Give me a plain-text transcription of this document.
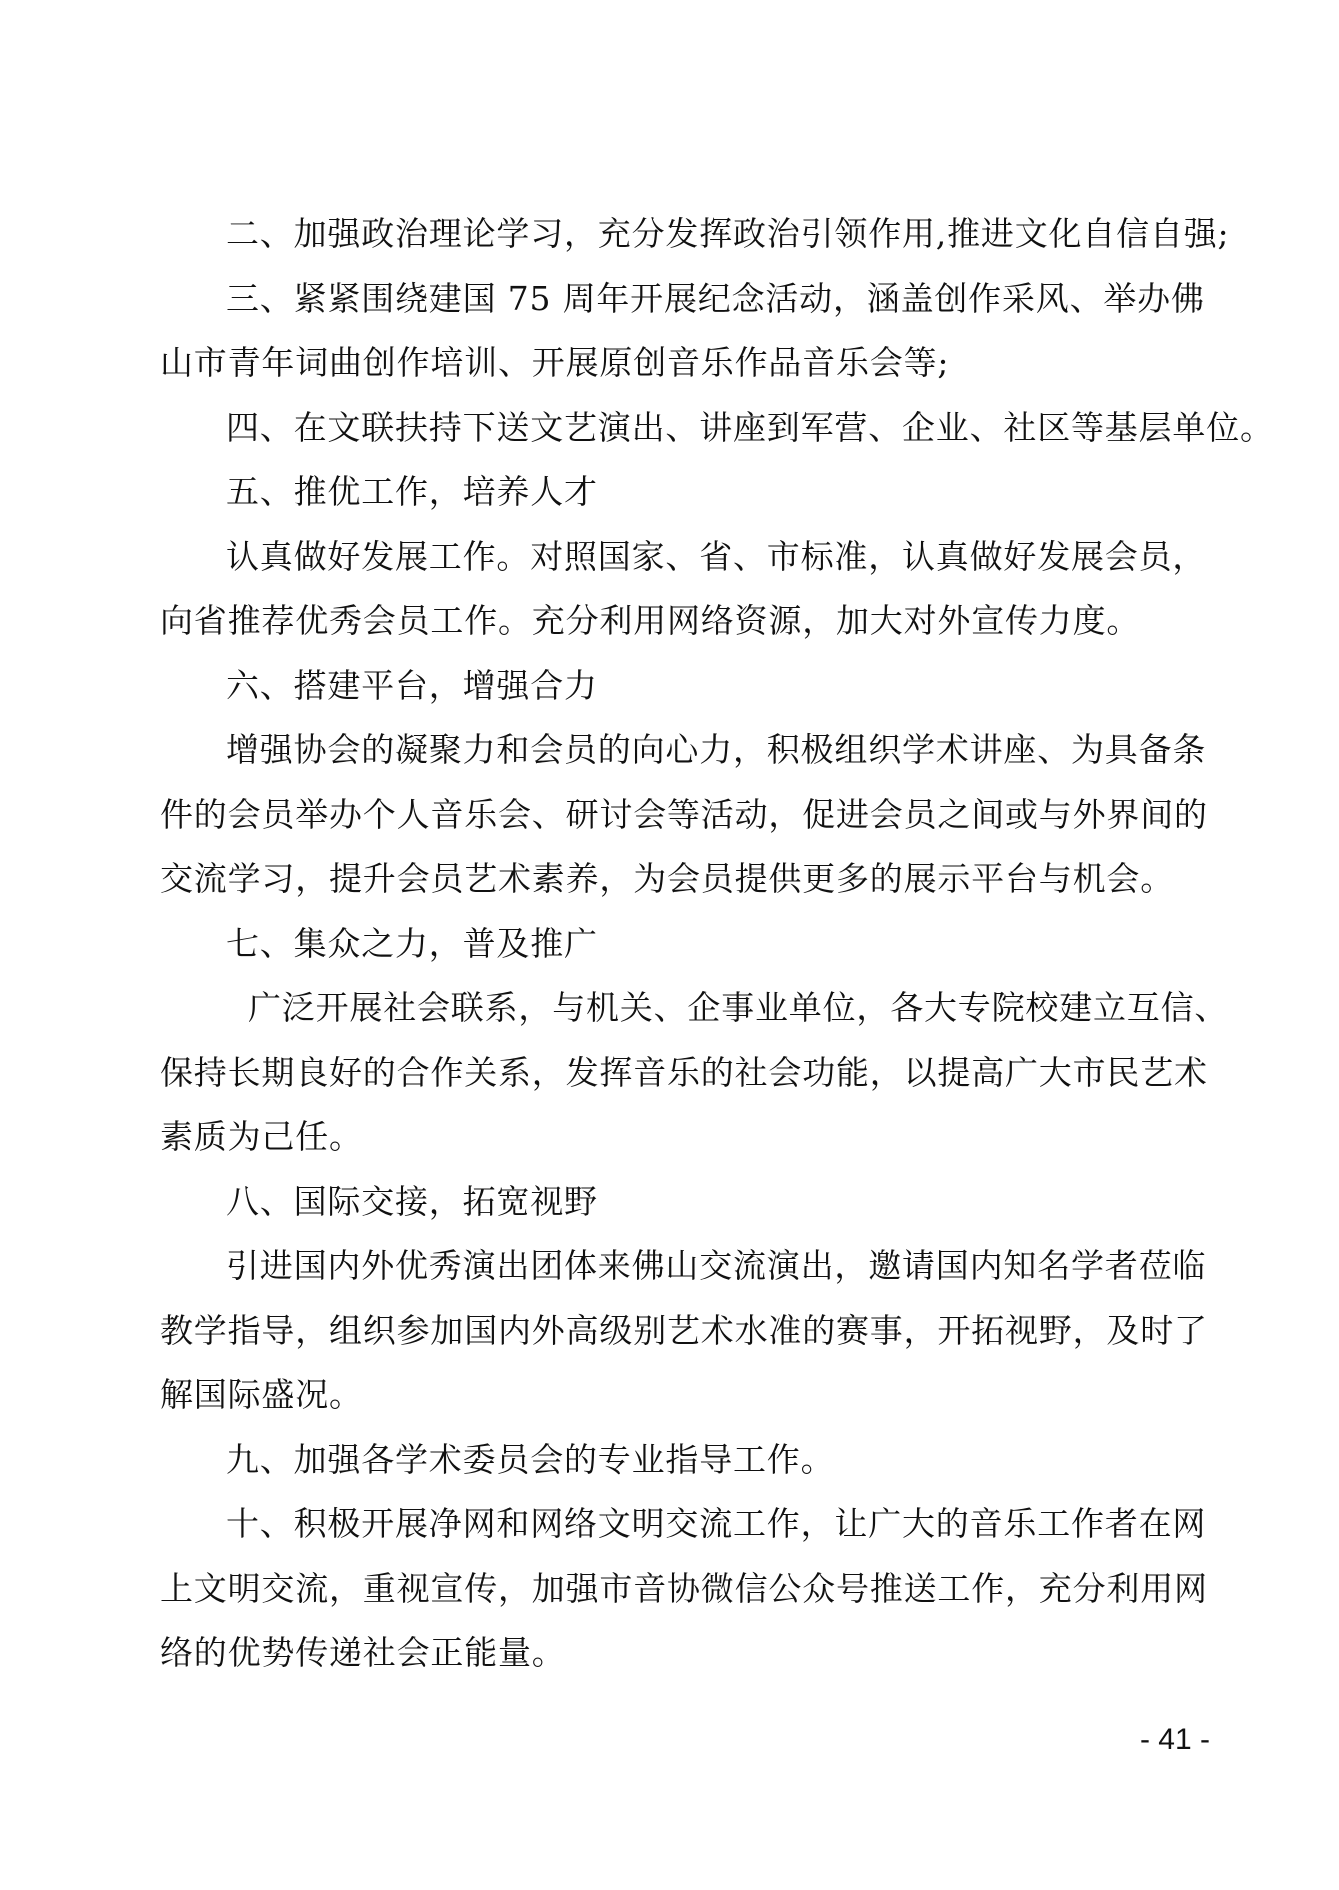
二、加强政治理论学习，充分发挥政治引领作用,推进文化自信自强;
三、紧紧围绕建国 75 周年开展纪念活动，涵盖创作采风、举办佛
山市青年词曲创作培训、开展原创音乐作品音乐会等;
四、在文联扶持下送文艺演出、讲座到军营、企业、社区等基层单位。
五、推优工作，培养人才
认真做好发展工作。对照国家、省、市标准，认真做好发展会员，
向省推荐优秀会员工作。充分利用网络资源，加大对外宣传力度。
六、搭建平台，增强合力
增强协会的凝聚力和会员的向心力，积极组织学术讲座、为具备条
件的会员举办个人音乐会、研讨会等活动，促进会员之间或与外界间的
交流学习，提升会员艺术素养，为会员提供更多的展示平台与机会。
七、集众之力，普及推广
广泛开展社会联系，与机关、企事业单位，各大专院校建立互信、
保持长期良好的合作关系，发挥音乐的社会功能，以提高广大市民艺术
素质为己任。
八、国际交接，拓宽视野
引进国内外优秀演出团体来佛山交流演出，邀请国内知名学者莅临
教学指导，组织参加国内外高级别艺术水准的赛事，开拓视野，及时了
解国际盛况。
九、加强各学术委员会的专业指导工作。
十、积极开展净网和网络文明交流工作，让广大的音乐工作者在网
上文明交流，重视宣传，加强市音协微信公众号推送工作，充分利用网
络的优势传递社会正能量。
- 41 -
